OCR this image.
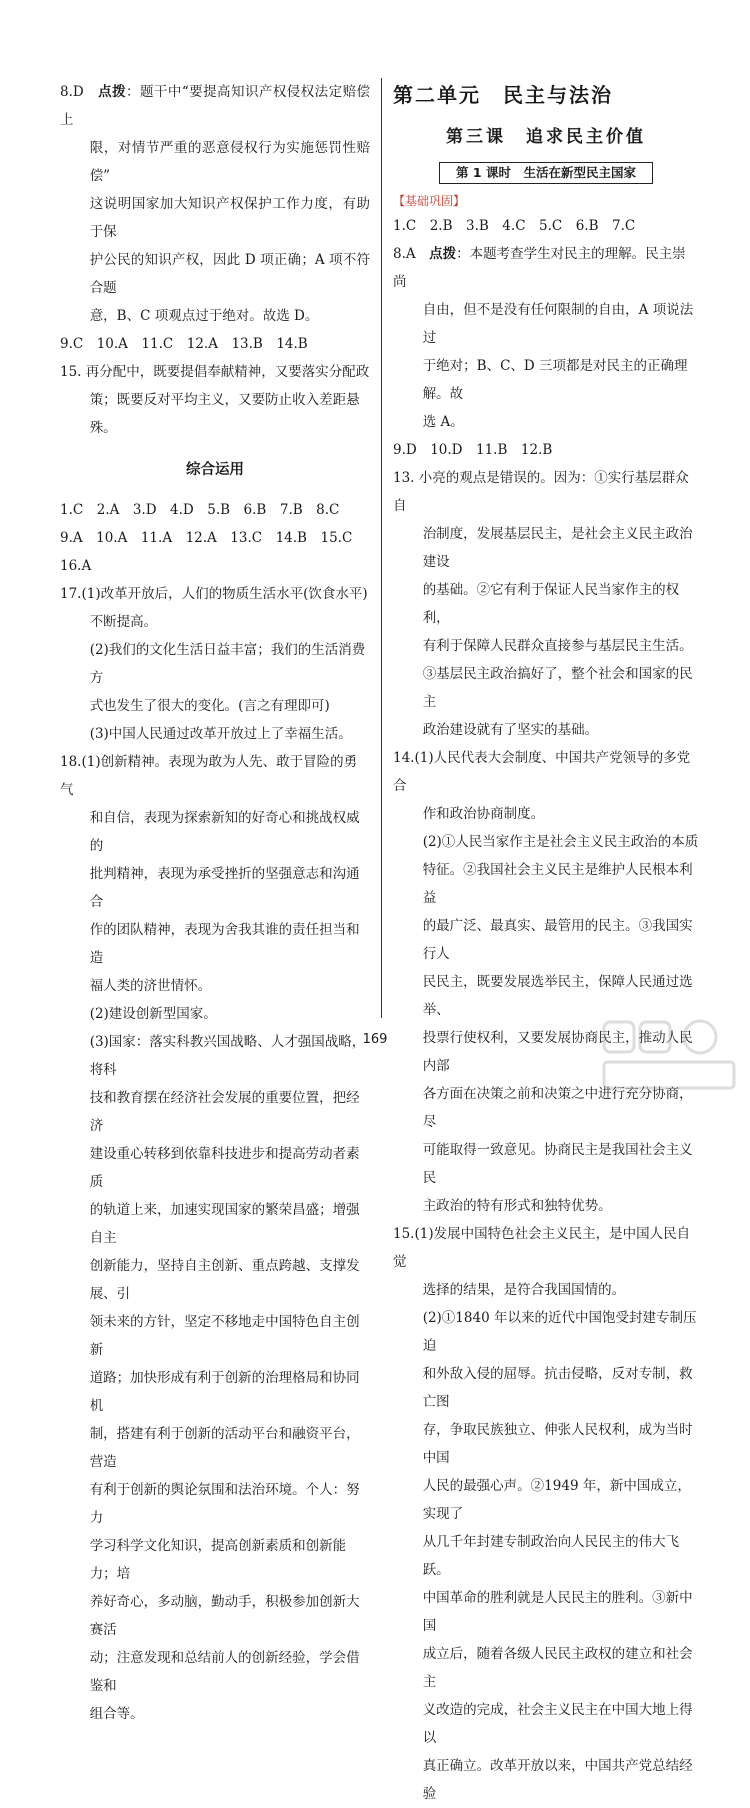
8.D　 点拨：题干中“要提高知识产权侵权法定赔偿上
限，对情节严重的恶意侵权行为实施惩罚性赔偿”
这说明国家加大知识产权保护工作力度，有助于保
护公民的知识产权，因此 D 项正确；A 项不符合题
意，B、C 项观点过于绝对。故选 D。
9.C　10.A　11.C　12.A　13.B　14.B
15. 再分配中，既要提倡奉献精神，又要落实分配政
策；既要反对平均主义，又要防止收入差距悬殊。
综合运用
1.C　2.A　3.D　4.D　5.B　6.B　7.B　8.C
9.A　10.A　11.A　12.A　13.C　14.B　15.C
16.A
17.(1)改革开放后，人们的物质生活水平(饮食水平)
不断提高。
(2)我们的文化生活日益丰富；我们的生活消费方
式也发生了很大的变化。(言之有理即可)
(3)中国人民通过改革开放过上了幸福生活。
18.(1)创新精神。表现为敢为人先、敢于冒险的勇气
和自信，表现为探索新知的好奇心和挑战权威的
批判精神，表现为承受挫折的坚强意志和沟通合
作的团队精神，表现为舍我其谁的责任担当和造
福人类的济世情怀。
(2)建设创新型国家。
(3)国家：落实科教兴国战略、人才强国战略，将科
技和教育摆在经济社会发展的重要位置，把经济
建设重心转移到依靠科技进步和提高劳动者素质
的轨道上来，加速实现国家的繁荣昌盛；增强自主
创新能力，坚持自主创新、重点跨越、支撑发展、引
领未来的方针，坚定不移地走中国特色自主创新
道路；加快形成有利于创新的治理格局和协同机
制，搭建有利于创新的活动平台和融资平台，营造
有利于创新的舆论氛围和法治环境。个人：努力
学习科学文化知识，提高创新素质和创新能力；培
养好奇心，多动脑，勤动手，积极参加创新大赛活
动；注意发现和总结前人的创新经验，学会借鉴和
组合等。
第二单元　民主与法治
第三课　追求民主价值
第 1 课时　生活在新型民主国家
【基础巩固】
1.C　2.B　3.B　4.C　5.C　6.B　7.C
8.A　 点拨：本题考查学生对民主的理解。民主崇尚
自由，但不是没有任何限制的自由，A 项说法过
于绝对；B、C、D 三项都是对民主的正确理解。故
选 A。
9.D　10.D　11.B　12.B
13. 小亮的观点是错误的。因为：①实行基层群众自
治制度，发展基层民主，是社会主义民主政治建设
的基础。②它有利于保证人民当家作主的权利，
有利于保障人民群众直接参与基层民主生活。
③基层民主政治搞好了，整个社会和国家的民主
政治建设就有了坚实的基础。
14.(1)人民代表大会制度、中国共产党领导的多党合
作和政治协商制度。
(2)①人民当家作主是社会主义民主政治的本质
特征。②我国社会主义民主是维护人民根本利益
的最广泛、最真实、最管用的民主。③我国实行人
民民主，既要发展选举民主，保障人民通过选举、
投票行使权利，又要发展协商民主，推动人民内部
各方面在决策之前和决策之中进行充分协商，尽
可能取得一致意见。协商民主是我国社会主义民
主政治的特有形式和独特优势。
15.(1)发展中国特色社会主义民主，是中国人民自觉
选择的结果，是符合我国国情的。
(2)①1840 年以来的近代中国饱受封建专制压迫
和外敌入侵的屈辱。抗击侵略，反对专制，救亡图
存，争取民族独立、伸张人民权利，成为当时中国
人民的最强心声。②1949 年，新中国成立，实现了
从几千年封建专制政治向人民民主的伟大飞跃。
中国革命的胜利就是人民民主的胜利。③新中国
成立后，随着各级人民民主政权的建立和社会主
义改造的完成，社会主义民主在中国大地上得以
真正确立。改革开放以来，中国共产党总结经验
169
